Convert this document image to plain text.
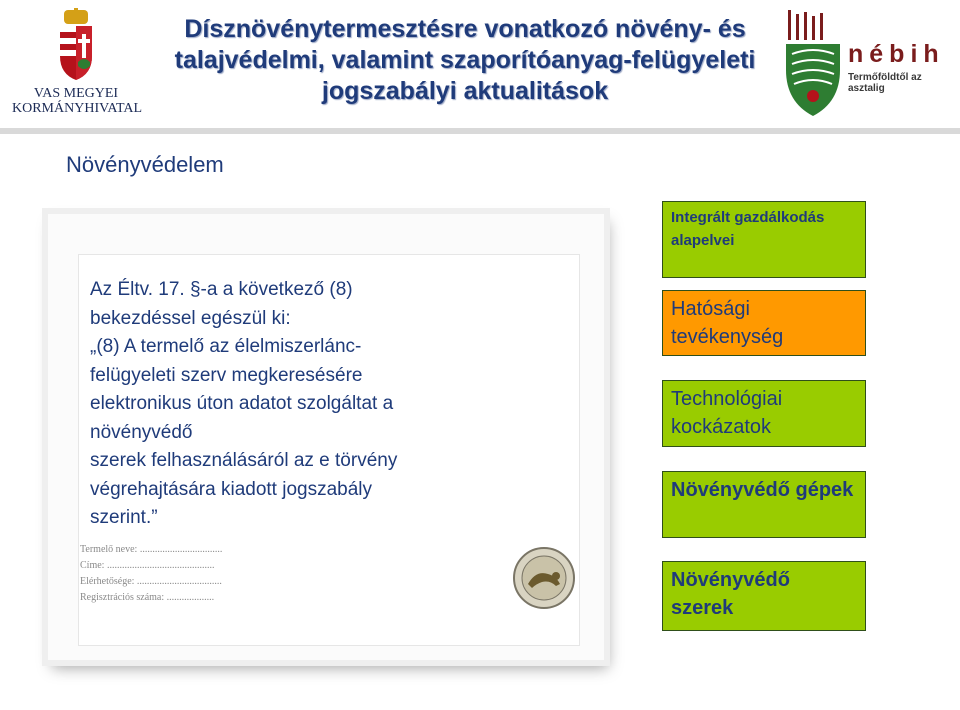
VAS MEGYEI
KORMÁNYHIVATAL
Dísznövénytermesztésre vonatkozó növény- és
talajvédelmi, valamint szaporítóanyag-felügyeleti
jogszabályi aktualitások
nébih
Termőföldtől az asztalig
Növényvédelem
Termelő neve: .................................
Címe: ...........................................
Elérhetősége: ..................................
Regisztrációs száma: ...................

Az Éltv. 17. §-a a következő (8)

bekezdéssel egészül ki:

„(8) A termelő az élelmiszerlánc-

felügyeleti szerv megkeresésére

elektronikus úton adatot szolgáltat a

növényvédő

szerek felhasználásáról az e törvény

végrehajtására kiadott jogszabály

szerint.”

Integrált gazdálkodás alapelvei
Hatósági tevékenység
Technológiai kockázatok
Növényvédő gépek
Növényvédő szerek
